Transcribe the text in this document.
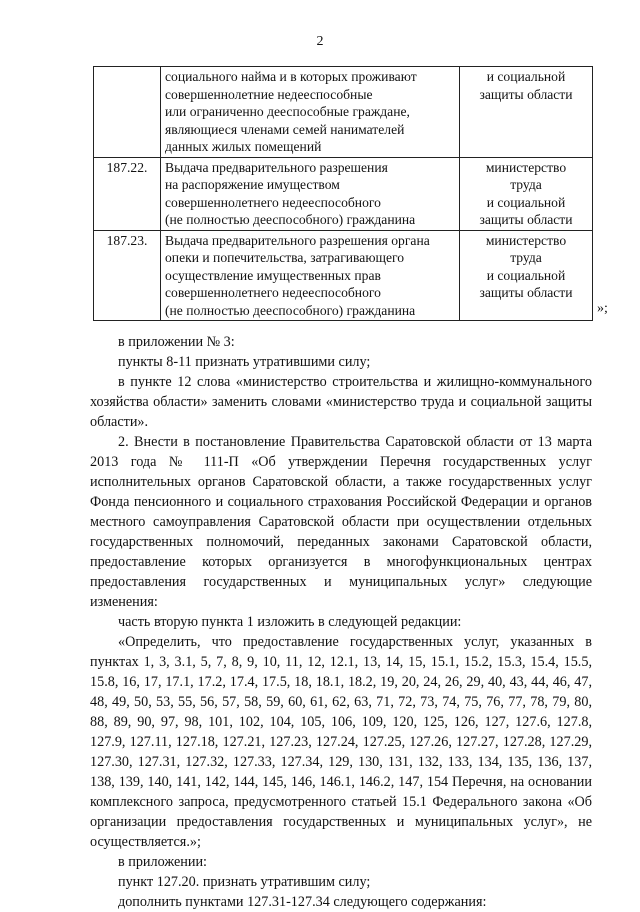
2

	социального найма и в которых проживают
совершеннолетние недееспособные
или ограниченно дееспособные граждане,
являющиеся членами семей нанимателей
данных жилых помещений	и социальной
защиты области

187.22.	Выдача предварительного разрешения
на распоряжение имуществом
совершеннолетнего недееспособного
(не полностью дееспособного) гражданина	министерство
труда
и социальной
защиты области

187.23.	Выдача предварительного разрешения органа
опеки и попечительства, затрагивающего
осуществление имущественных прав
совершеннолетнего недееспособного
(не полностью дееспособного) гражданина	министерство
труда
и социальной
защиты области
»;

в приложении № 3:

пункты 8-11 признать утратившими силу;

в пункте 12 слова «министерство строительства и жилищно-коммунального хозяйства области» заменить словами «министерство труда и социальной защиты области».

2. Внести в постановление Правительства Саратовской области от 13 марта 2013 года № 111-П «Об утверждении Перечня государственных услуг исполнительных органов Саратовской области, а также государственных услуг Фонда пенсионного и социального страхования Российской Федерации и органов местного самоуправления Саратовской области при осуществлении отдельных государственных полномочий, переданных законами Саратовской области, предоставление которых организуется в многофункциональных центрах предоставления государственных и муниципальных услуг» следующие изменения:

часть вторую пункта 1 изложить в следующей редакции:

«Определить, что предоставление государственных услуг, указанных в пунктах 1, 3, 3.1, 5, 7, 8, 9, 10, 11, 12, 12.1, 13, 14, 15, 15.1, 15.2, 15.3, 15.4, 15.5, 15.8, 16, 17, 17.1, 17.2, 17.4, 17.5, 18, 18.1, 18.2, 19, 20, 24, 26, 29, 40, 43, 44, 46, 47, 48, 49, 50, 53, 55, 56, 57, 58, 59, 60, 61, 62, 63, 71, 72, 73, 74, 75, 76, 77, 78, 79, 80, 88, 89, 90, 97, 98, 101, 102, 104, 105, 106, 109, 120, 125, 126, 127, 127.6, 127.8, 127.9, 127.11, 127.18, 127.21, 127.23, 127.24, 127.25, 127.26, 127.27, 127.28, 127.29, 127.30, 127.31, 127.32, 127.33, 127.34, 129, 130, 131, 132, 133, 134, 135, 136, 137, 138, 139, 140, 141, 142, 144, 145, 146, 146.1, 146.2, 147, 154 Перечня, на основании комплексного запроса, предусмотренного статьей 15.1 Федерального закона «Об организации предоставления государственных и муниципальных услуг», не осуществляется.»;

в приложении:

пункт 127.20. признать утратившим силу;

дополнить пунктами 127.31-127.34 следующего содержания:
